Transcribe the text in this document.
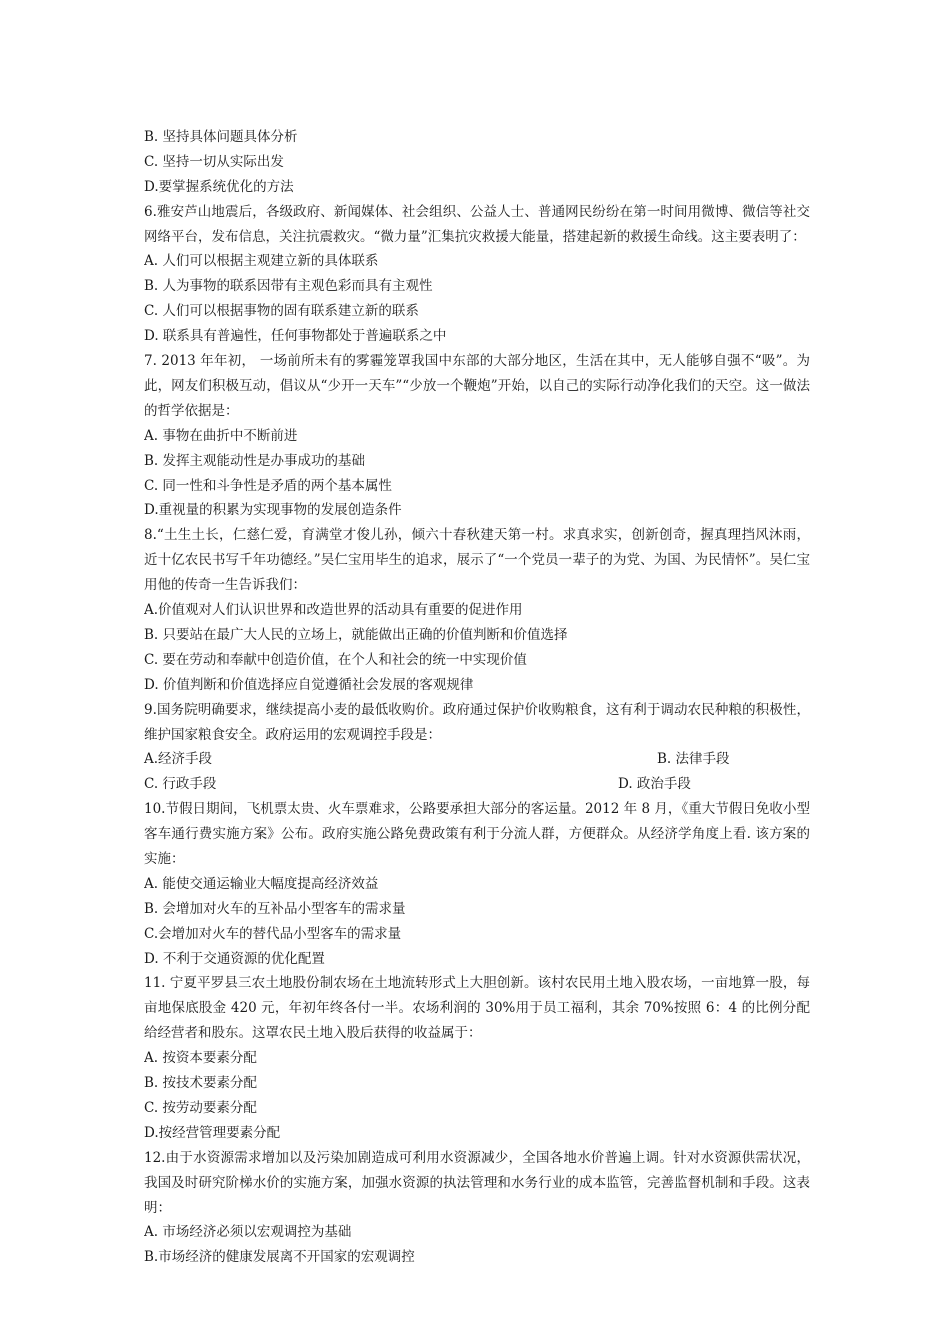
B. 坚持具体问题具体分析
C. 坚持一切从实际出发
D.要掌握系统优化的方法
6.雅安芦山地震后，各级政府、新闻媒体、社会组织、公益人士、普通网民纷纷在第一时间用微博、微信等社交网络平台，发布信息，关注抗震救灾。“微力量”汇集抗灾救援大能量，搭建起新的救援生命线。这主要表明了：
A. 人们可以根据主观建立新的具体联系
B. 人为事物的联系因带有主观色彩而具有主观性
C. 人们可以根据事物的固有联系建立新的联系
D. 联系具有普遍性，任何事物都处于普遍联系之中
7. 2013 年年初， 一场前所未有的雾霾笼罩我国中东部的大部分地区，生活在其中，无人能够自强不“吸”。为此，网友们积极互动，倡议从“少开一天车”“少放一个鞭炮”开始，以自己的实际行动净化我们的天空。这一做法的哲学依据是：
A. 事物在曲折中不断前进
B. 发挥主观能动性是办事成功的基础
C. 同一性和斗争性是矛盾的两个基本属性
D.重视量的积累为实现事物的发展创造条件
8.“土生土长，仁慈仁爱，育满堂才俊儿孙，倾六十春秋建天第一村。求真求实，创新创奇，握真理挡风沐雨，近十亿农民书写千年功德经。”吴仁宝用毕生的追求，展示了“一个党员一辈子的为党、为国、为民情怀”。吴仁宝用他的传奇一生告诉我们：
A.价值观对人们认识世界和改造世界的活动具有重要的促进作用
B. 只要站在最广大人民的立场上，就能做出正确的价值判断和价值选择
C. 要在劳动和奉献中创造价值，在个人和社会的统一中实现价值
D. 价值判断和价值选择应自觉遵循社会发展的客观规律
9.国务院明确要求，继续提高小麦的最低收购价。政府通过保护价收购粮食，这有利于调动农民种粮的积极性，维护国家粮食安全。政府运用的宏观调控手段是：
A.经济手段	B. 法律手段
C. 行政手段	D. 政治手段
10.节假日期间，飞机票太贵、火车票难求，公路要承担大部分的客运量。2012 年 8 月，《重大节假日免收小型客车通行费实施方案》公布。政府实施公路免费政策有利于分流人群，方便群众。从经济学角度上看. 该方案的实施：
A. 能使交通运输业大幅度提高经济效益
B. 会增加对火车的互补品小型客车的需求量
C.会增加对火车的替代品小型客车的需求量
D. 不利于交通资源的优化配置
11. 宁夏平罗县三农土地股份制农场在土地流转形式上大胆创新。该村农民用土地入股农场，一亩地算一股，每亩地保底股金 420 元，年初年终各付一半。农场利润的 30%用于员工福利，其余 70%按照 6：4 的比例分配给经营者和股东。这罩农民土地入股后获得的收益属于：
A. 按资本要素分配
B. 按技术要素分配
C. 按劳动要素分配
D.按经营管理要素分配
12.由于水资源需求增加以及污染加剧造成可利用水资源减少，全国各地水价普遍上调。针对水资源供需状况，我国及时研究阶梯水价的实施方案，加强水资源的执法管理和水务行业的成本监管，完善监督机制和手段。这表明：
A. 市场经济必须以宏观调控为基础
B.市场经济的健康发展离不开国家的宏观调控
